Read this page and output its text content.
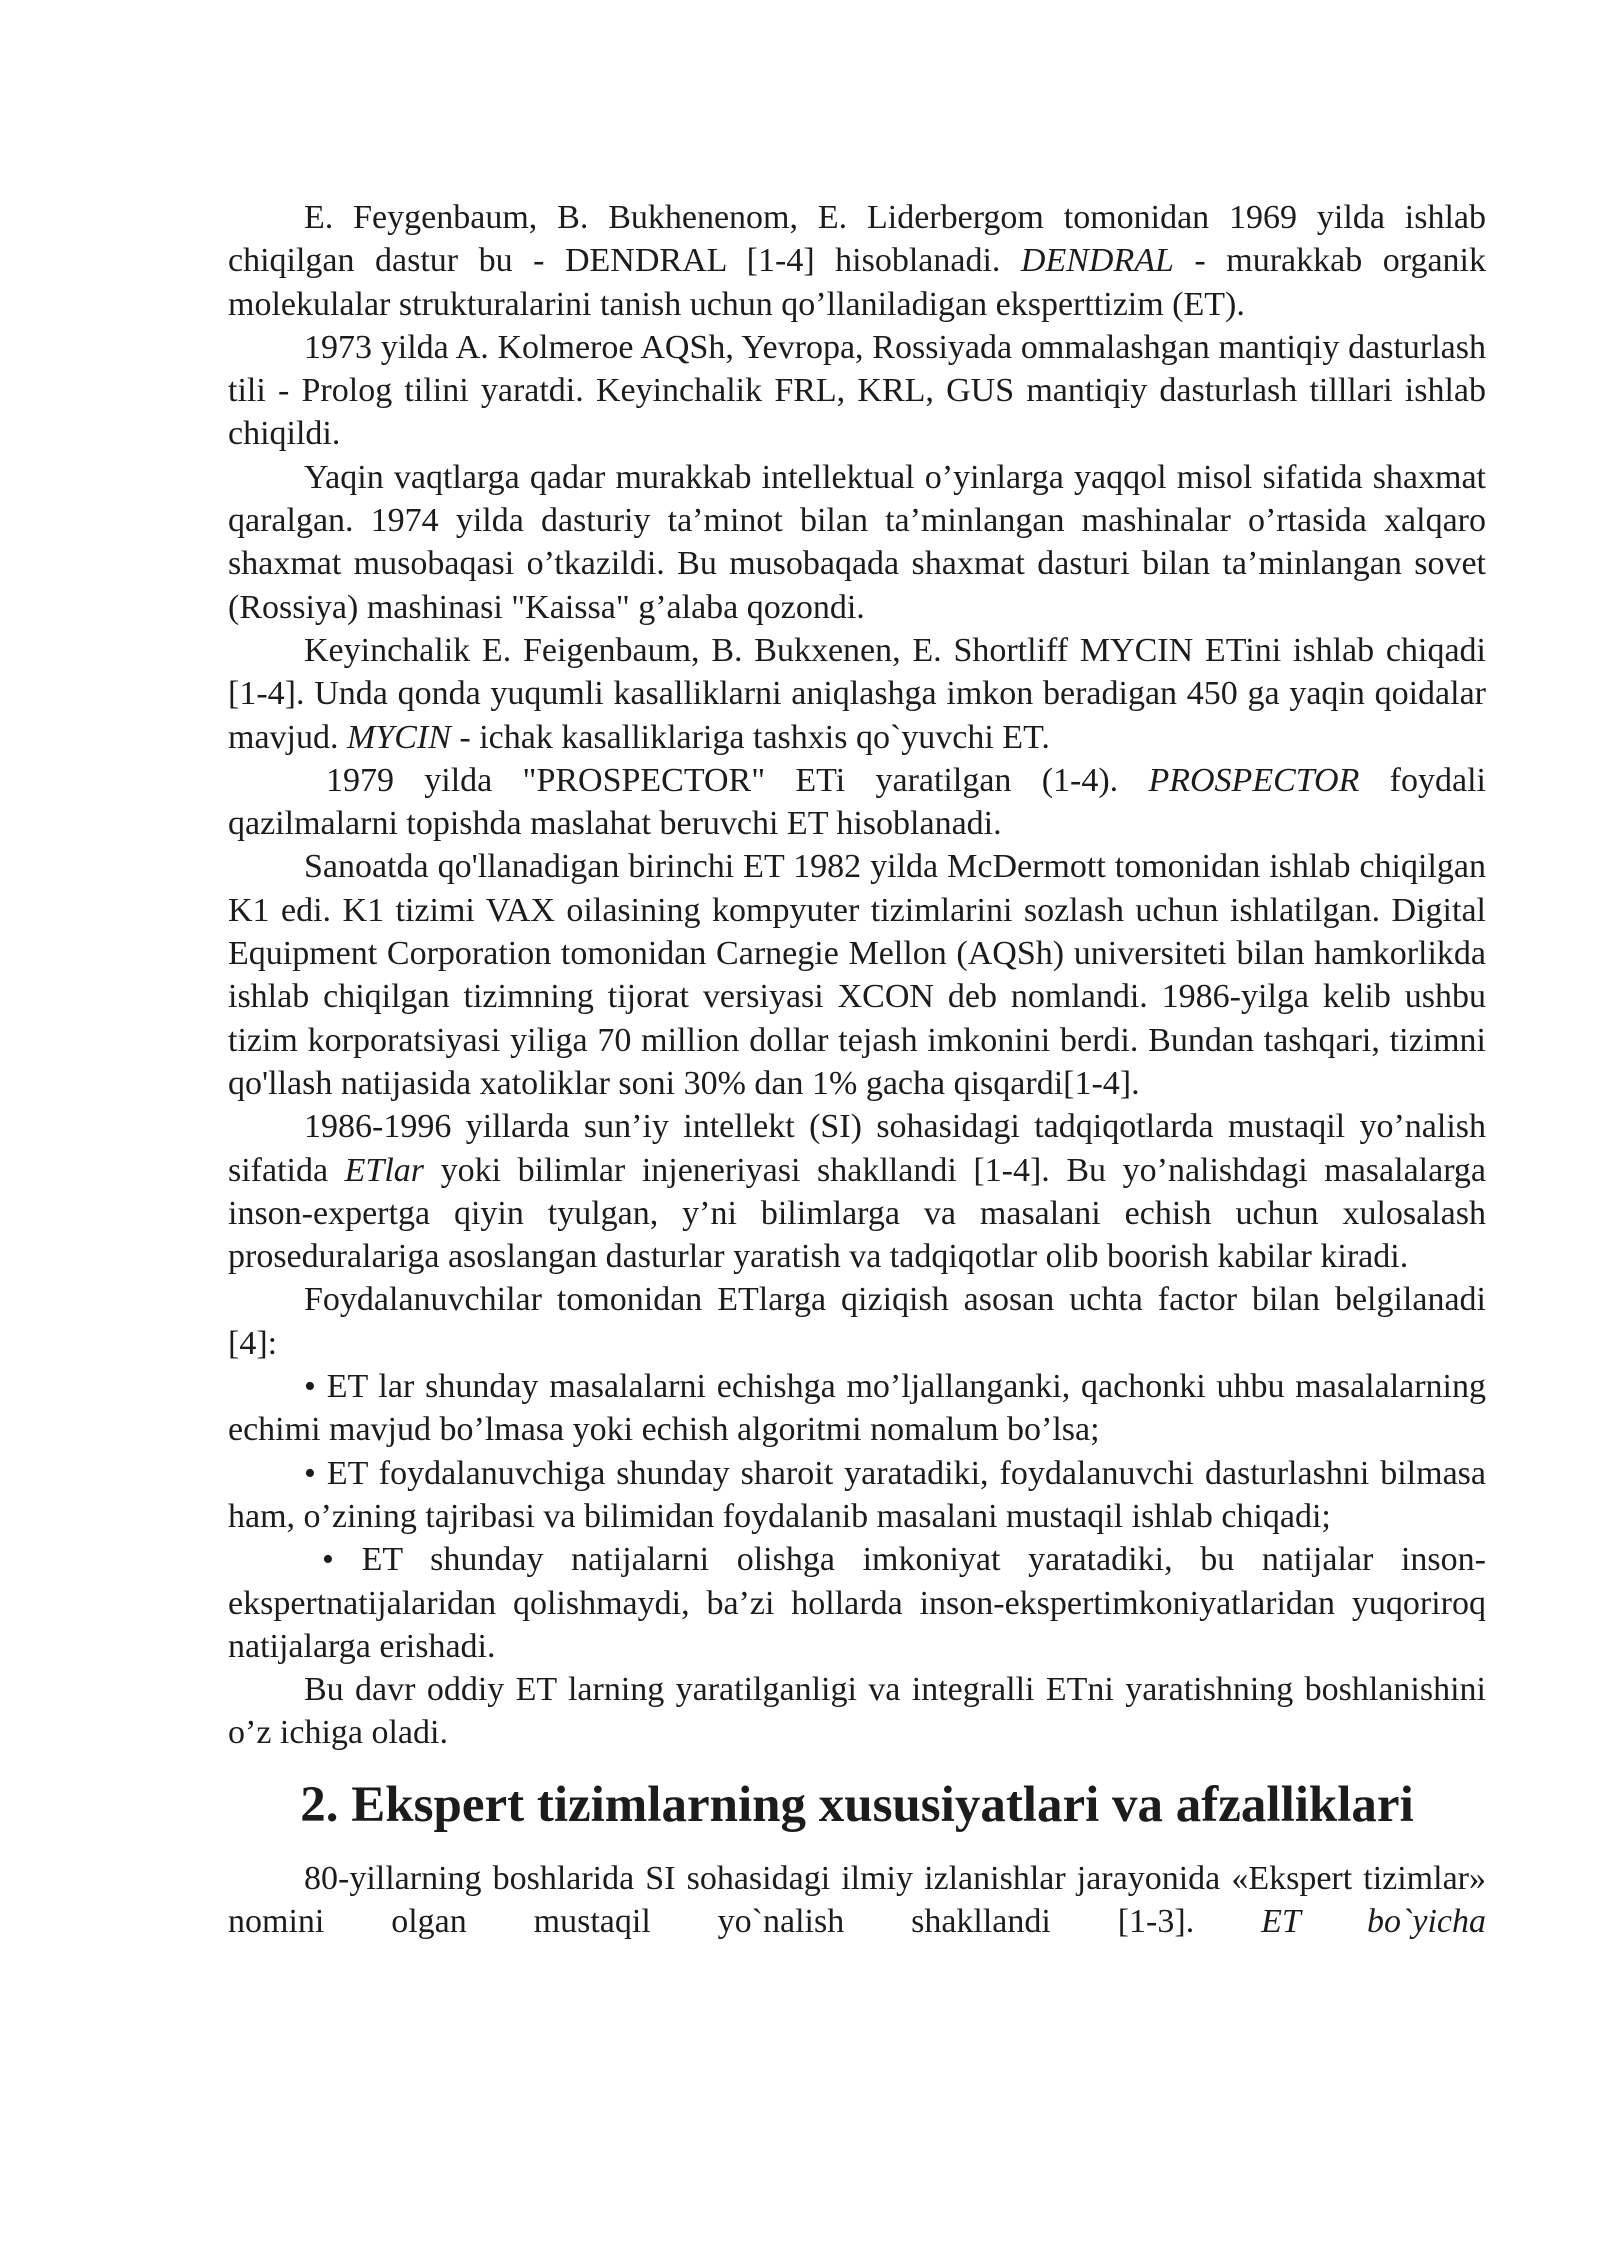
E. Feygenbaum, B. Bukhenenom, E. Liderbergom tomonidan 1969 yilda ishlab chiqilgan dastur bu - DENDRAL [1-4] hisoblanadi. DENDRAL - murakkab organik molekulalar strukturalarini tanish uchun qo’llaniladigan eksperttizim (ET).

1973 yilda A. Kolmeroe AQSh, Yevropa, Rossiyada ommalashgan mantiqiy dasturlash tili - Prolog tilini yaratdi. Keyinchalik FRL, KRL, GUS mantiqiy dasturlash tilllari ishlab chiqildi.

Yaqin vaqtlarga qadar murakkab intellektual o’yinlarga yaqqol misol sifatida shaxmat qaralgan. 1974 yilda dasturiy ta’minot bilan ta’minlangan mashinalar o’rtasida xalqaro shaxmat musobaqasi o’tkazildi. Bu musobaqada shaxmat dasturi bilan ta’minlangan sovet (Rossiya) mashinasi "Kaissa" g’alaba qozondi.

Keyinchalik E. Feigenbaum, B. Bukxenen, E. Shortliff MYCIN ETini ishlab chiqadi [1-4]. Unda qonda yuqumli kasalliklarni aniqlashga imkon beradigan 450 ga yaqin qoidalar mavjud. MYCIN - ichak kasalliklariga tashxis qo`yuvchi ET.

1979 yilda "PROSPECTOR" ETi yaratilgan (1-4). PROSPECTOR foydali qazilmalarni topishda maslahat beruvchi ET hisoblanadi.

Sanoatda qo'llanadigan birinchi ET 1982 yilda McDermott tomonidan ishlab chiqilgan K1 edi. K1 tizimi VAX oilasining kompyuter tizimlarini sozlash uchun ishlatilgan. Digital Equipment Corporation tomonidan Carnegie Mellon (AQSh) universiteti bilan hamkorlikda ishlab chiqilgan tizimning tijorat versiyasi XCON deb nomlandi. 1986-yilga kelib ushbu tizim korporatsiyasi yiliga 70 million dollar tejash imkonini berdi. Bundan tashqari, tizimni qo'llash natijasida xatoliklar soni 30% dan 1% gacha qisqardi[1-4].

1986-1996 yillarda sun’iy intellekt (SI) sohasidagi tadqiqotlarda mustaqil yo’nalish sifatida ETlar yoki bilimlar injeneriyasi shakllandi [1-4]. Bu yo’nalishdagi masalalarga inson-expertga qiyin tyulgan, y’ni bilimlarga va masalani echish uchun xulosalash proseduralariga asoslangan dasturlar yaratish va tadqiqotlar olib boorish kabilar kiradi.

Foydalanuvchilar tomonidan ETlarga qiziqish asosan uchta factor bilan belgilanadi [4]:

• ET lar shunday masalalarni echishga mo’ljallanganki, qachonki uhbu masalalarning echimi mavjud bo’lmasa yoki echish algoritmi nomalum bo’lsa;

• ET foydalanuvchiga shunday sharoit yaratadiki, foydalanuvchi dasturlashni bilmasa ham, o’zining tajribasi va bilimidan foydalanib masalani mustaqil ishlab chiqadi;

• ET shunday natijalarni olishga imkoniyat yaratadiki, bu natijalar inson-ekspertnatijalaridan qolishmaydi, ba’zi hollarda inson-ekspertimkoniyatlaridan yuqoriroq natijalarga erishadi.

Bu davr oddiy ET larning yaratilganligi va integralli ETni yaratishning boshlanishini o’z ichiga oladi.

2. Ekspert tizimlarning xususiyatlari va afzalliklari

80-yillarning boshlarida SI sohasidagi ilmiy izlanishlar jarayonida «Ekspert tizimlar» nomini olgan mustaqil yo`nalish shakllandi [1-3]. ET bo`yicha
